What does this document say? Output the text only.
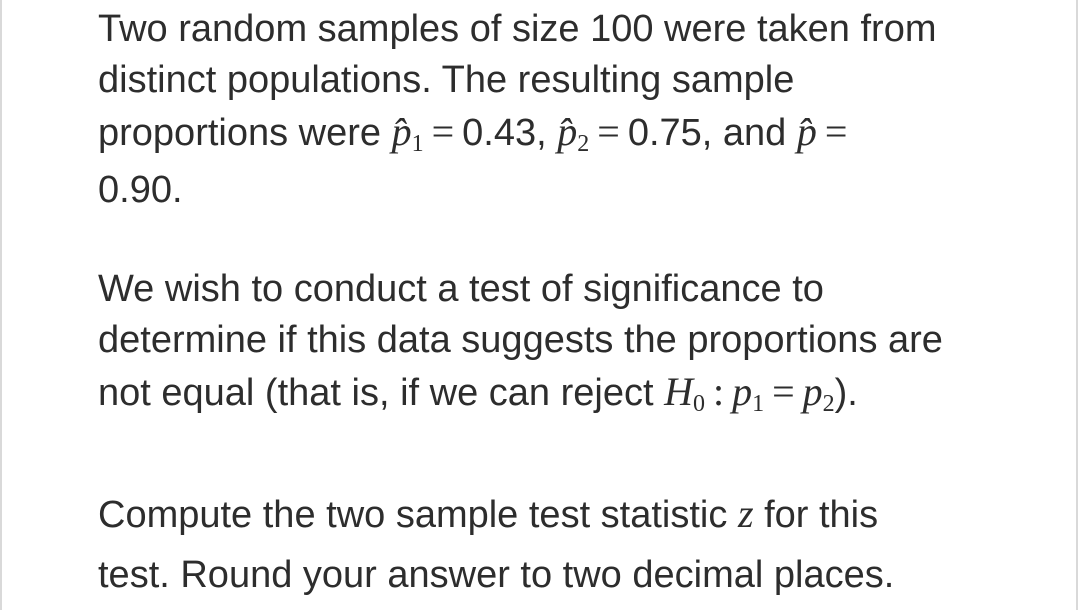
Two random samples of size 100 were taken from
distinct populations. The resulting sample
proportions were $p̂_1 = 0.43$, $p̂_2 = 0.75$, and p̂ =
0.90.

We wish to conduct a test of significance to
determine if this data suggests the proportions are
not equal (that is, if we can reject $H_0$ : $p_1 = p_2$).

Compute the two sample test statistic z for this
test. Round your answer to two decimal places.
